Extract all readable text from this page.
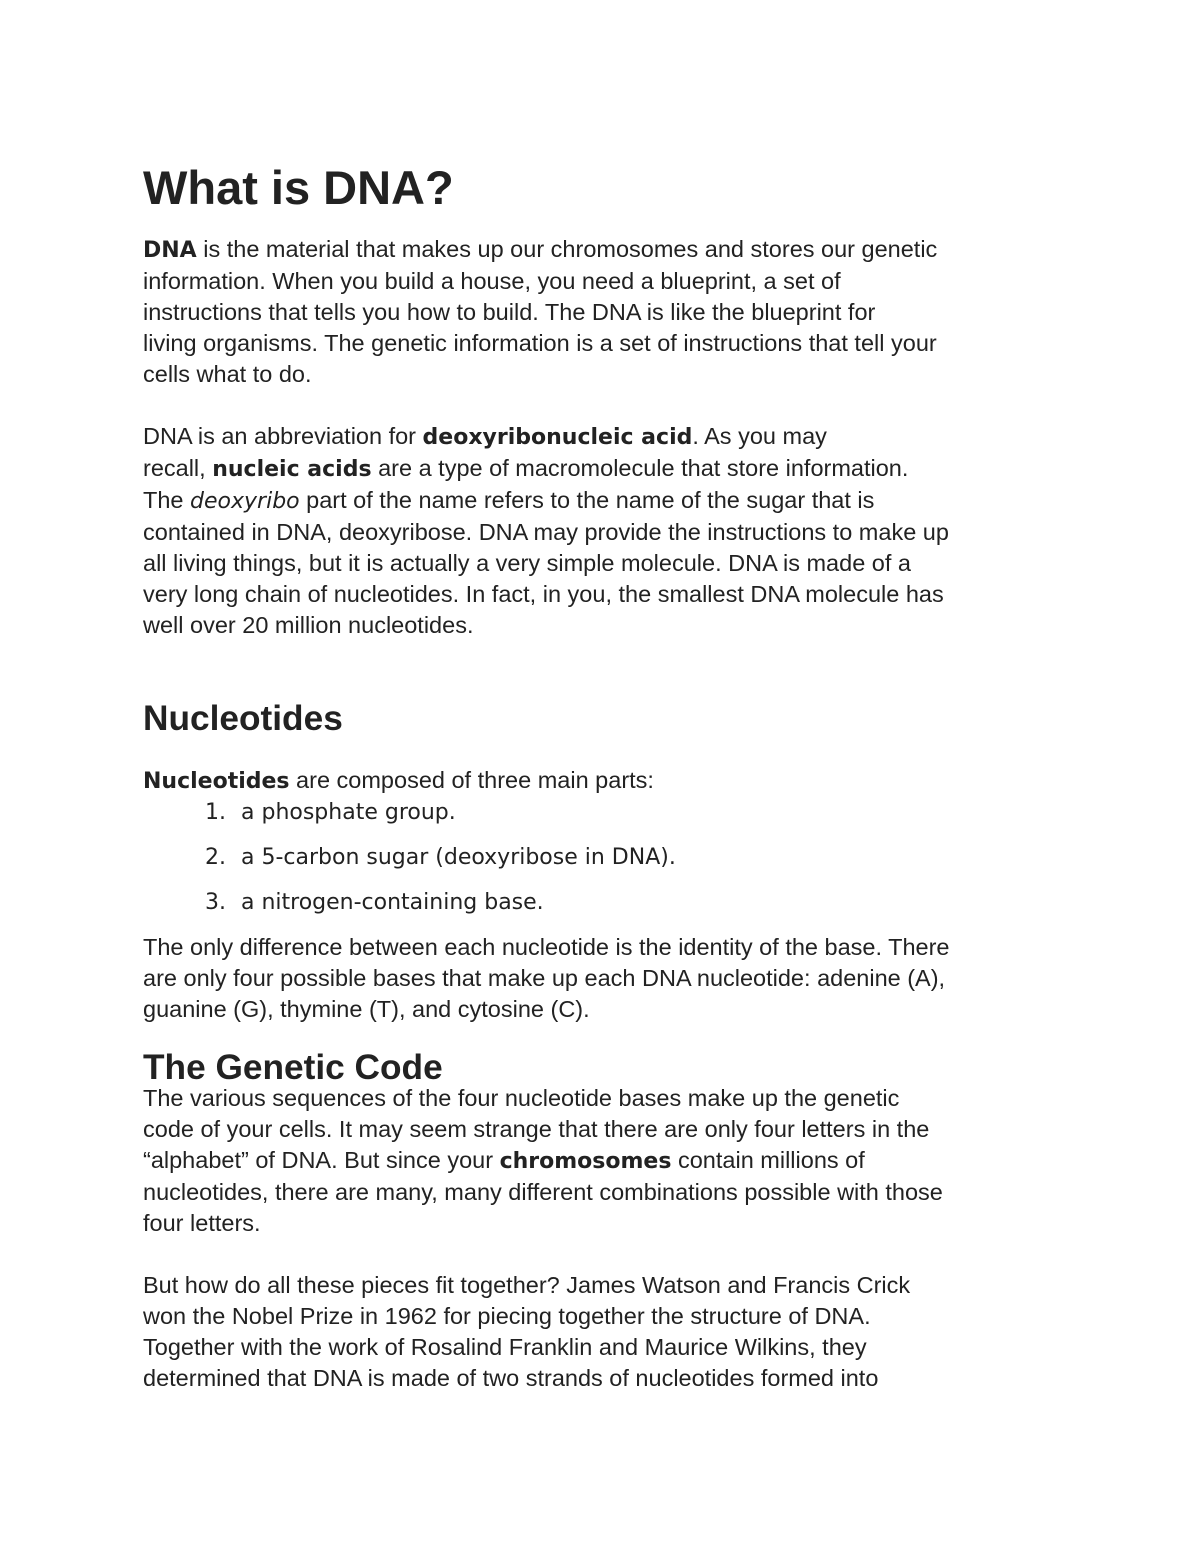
What is DNA?

DNA is the material that makes up our chromosomes and stores our genetic
information. When you build a house, you need a blueprint, a set of
instructions that tells you how to build. The DNA is like the blueprint for
living organisms. The genetic information is a set of instructions that tell your
cells what to do.

DNA is an abbreviation for deoxyribonucleic acid. As you may
recall, nucleic acids are a type of macromolecule that store information.
The deoxyribo part of the name refers to the name of the sugar that is
contained in DNA, deoxyribose. DNA may provide the instructions to make up
all living things, but it is actually a very simple molecule. DNA is made of a
very long chain of nucleotides. In fact, in you, the smallest DNA molecule has
well over 20 million nucleotides.

Nucleotides

Nucleotides are composed of three main parts:

1. a phosphate group.
2. a 5-carbon sugar (deoxyribose in DNA).
3. a nitrogen-containing base.

The only difference between each nucleotide is the identity of the base. There
are only four possible bases that make up each DNA nucleotide: adenine (A),
guanine (G), thymine (T), and cytosine (C).

The Genetic Code

The various sequences of the four nucleotide bases make up the genetic
code of your cells. It may seem strange that there are only four letters in the
“alphabet” of DNA. But since your chromosomes contain millions of
nucleotides, there are many, many different combinations possible with those
four letters.

But how do all these pieces fit together? James Watson and Francis Crick
won the Nobel Prize in 1962 for piecing together the structure of DNA.
Together with the work of Rosalind Franklin and Maurice Wilkins, they
determined that DNA is made of two strands of nucleotides formed into
